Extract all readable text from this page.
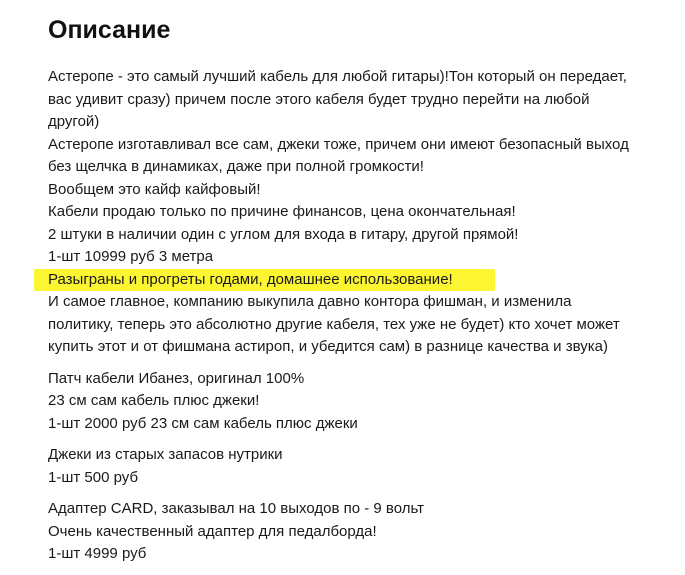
Описание
Астеропе - это самый лучший кабель для любой гитары)!Тон который он передает,
вас удивит сразу) причем после этого кабеля будет трудно перейти на любой
другой)
Астеропе изготавливал все сам, джеки тоже, причем они имеют безопасный выход
без щелчка в динамиках, даже при полной громкости!
Вообщем это кайф кайфовый!
Кабели продаю только по причине финансов, цена окончательная!
2 штуки в наличии один с углом для входа в гитару, другой прямой!
1-шт 10999 руб 3 метра
Разыграны и прогреты годами, домашнее использование!
И самое главное, компанию выкупила давно контора фишман, и изменила
политику, теперь это абсолютно другие кабеля, тех уже не будет) кто хочет может
купить этот и от фишмана астироп, и убедится сам) в разнице качества и звука)
Патч кабели Ибанез, оригинал 100%
23 см сам кабель плюс джеки!
1-шт 2000 руб 23 см сам кабель плюс джеки
Джеки из старых запасов нутрики
1-шт 500 руб
Адаптер CARD, заказывал на 10 выходов по - 9 вольт
Очень качественный адаптер для педалборда!
1-шт 4999 руб
